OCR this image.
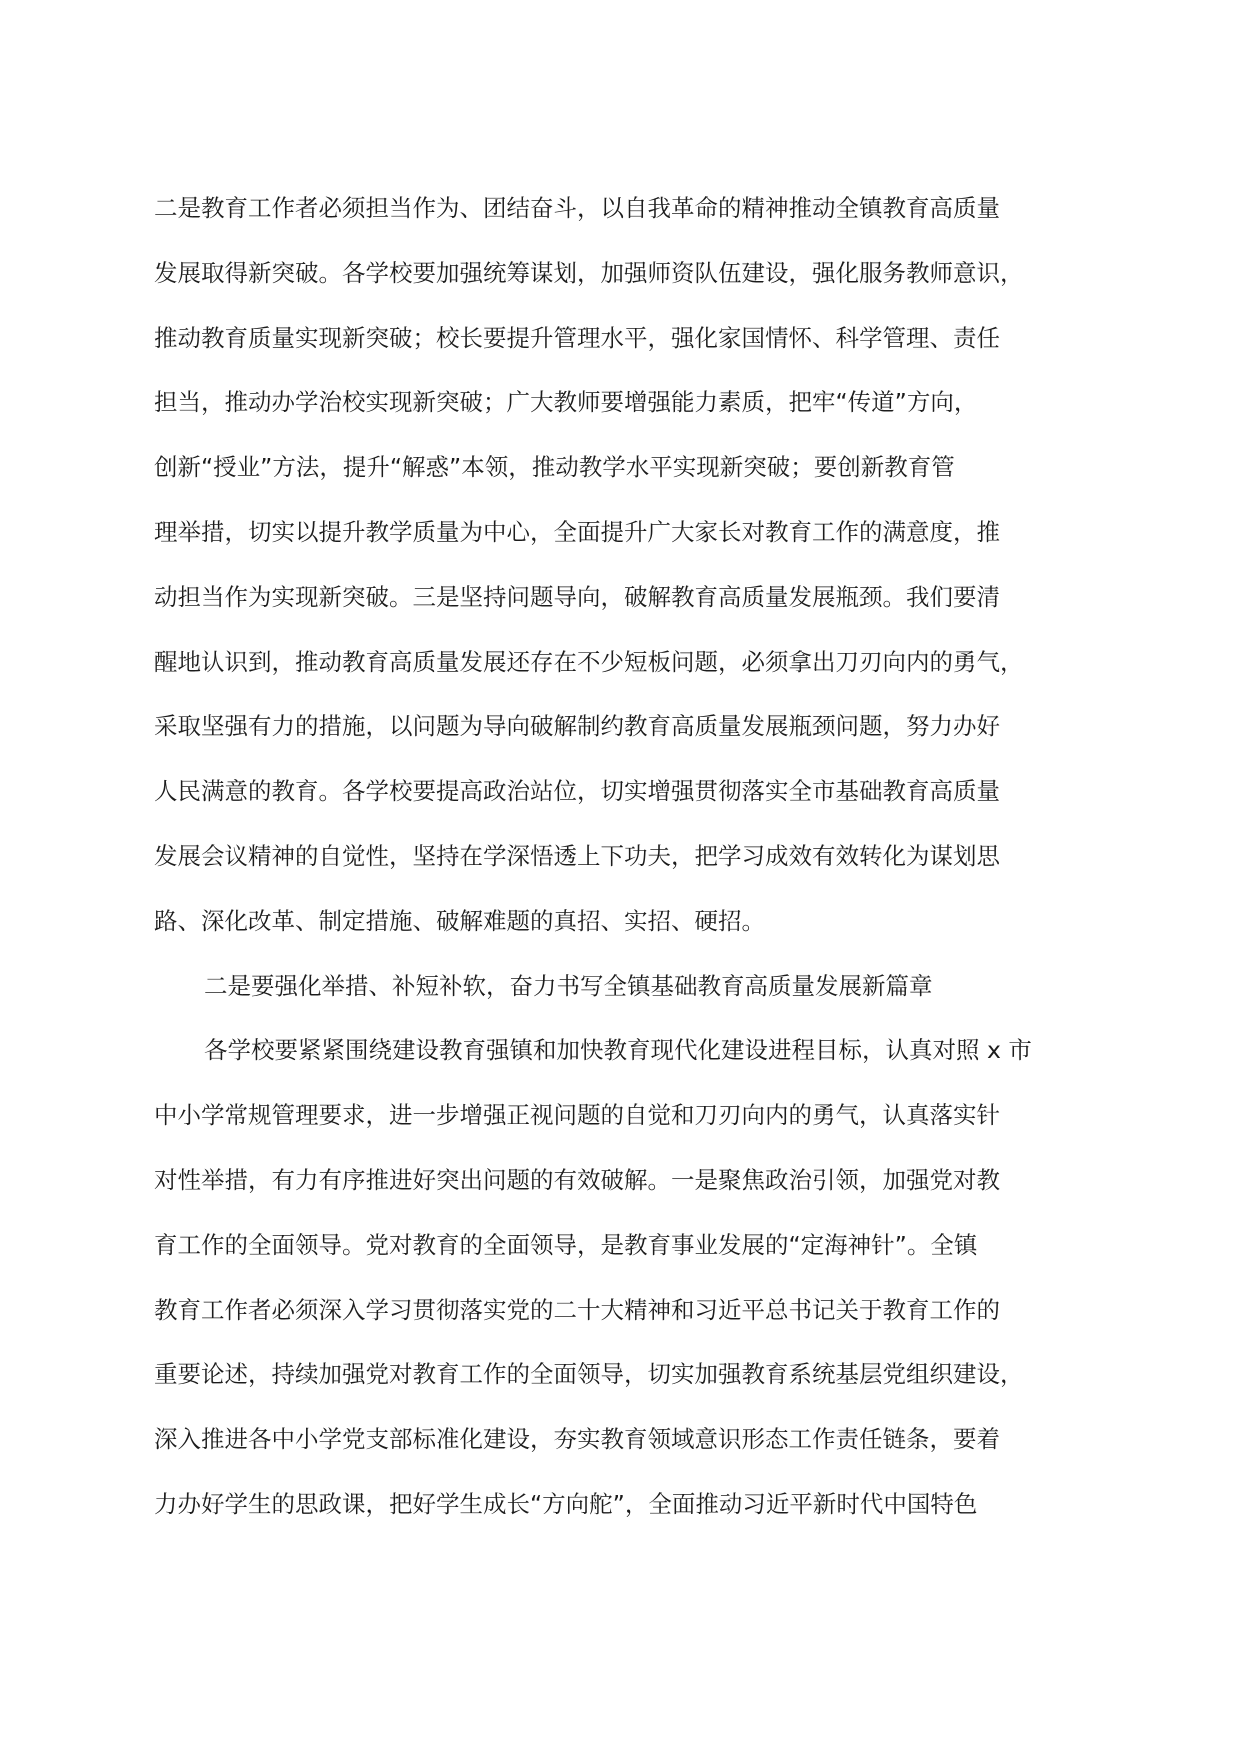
二是教育工作者必须担当作为、团结奋斗，以自我革命的精神推动全镇教育高质量
发展取得新突破。各学校要加强统筹谋划，加强师资队伍建设，强化服务教师意识，
推动教育质量实现新突破；校长要提升管理水平，强化家国情怀、科学管理、责任
担当，推动办学治校实现新突破；广大教师要增强能力素质，把牢“传道”方向，
创新“授业”方法，提升“解惑”本领，推动教学水平实现新突破；要创新教育管
理举措，切实以提升教学质量为中心，全面提升广大家长对教育工作的满意度，推
动担当作为实现新突破。三是坚持问题导向，破解教育高质量发展瓶颈。我们要清
醒地认识到，推动教育高质量发展还存在不少短板问题，必须拿出刀刃向内的勇气，
采取坚强有力的措施，以问题为导向破解制约教育高质量发展瓶颈问题，努力办好
人民满意的教育。各学校要提高政治站位，切实增强贯彻落实全市基础教育高质量
发展会议精神的自觉性，坚持在学深悟透上下功夫，把学习成效有效转化为谋划思
路、深化改革、制定措施、破解难题的真招、实招、硬招。
二是要强化举措、补短补软，奋力书写全镇基础教育高质量发展新篇章
各学校要紧紧围绕建设教育强镇和加快教育现代化建设进程目标，认真对照 x 市
中小学常规管理要求，进一步增强正视问题的自觉和刀刃向内的勇气，认真落实针
对性举措，有力有序推进好突出问题的有效破解。一是聚焦政治引领，加强党对教
育工作的全面领导。党对教育的全面领导，是教育事业发展的“定海神针”。全镇
教育工作者必须深入学习贯彻落实党的二十大精神和习近平总书记关于教育工作的
重要论述，持续加强党对教育工作的全面领导，切实加强教育系统基层党组织建设，
深入推进各中小学党支部标准化建设，夯实教育领域意识形态工作责任链条，要着
力办好学生的思政课，把好学生成长“方向舵”，全面推动习近平新时代中国特色
